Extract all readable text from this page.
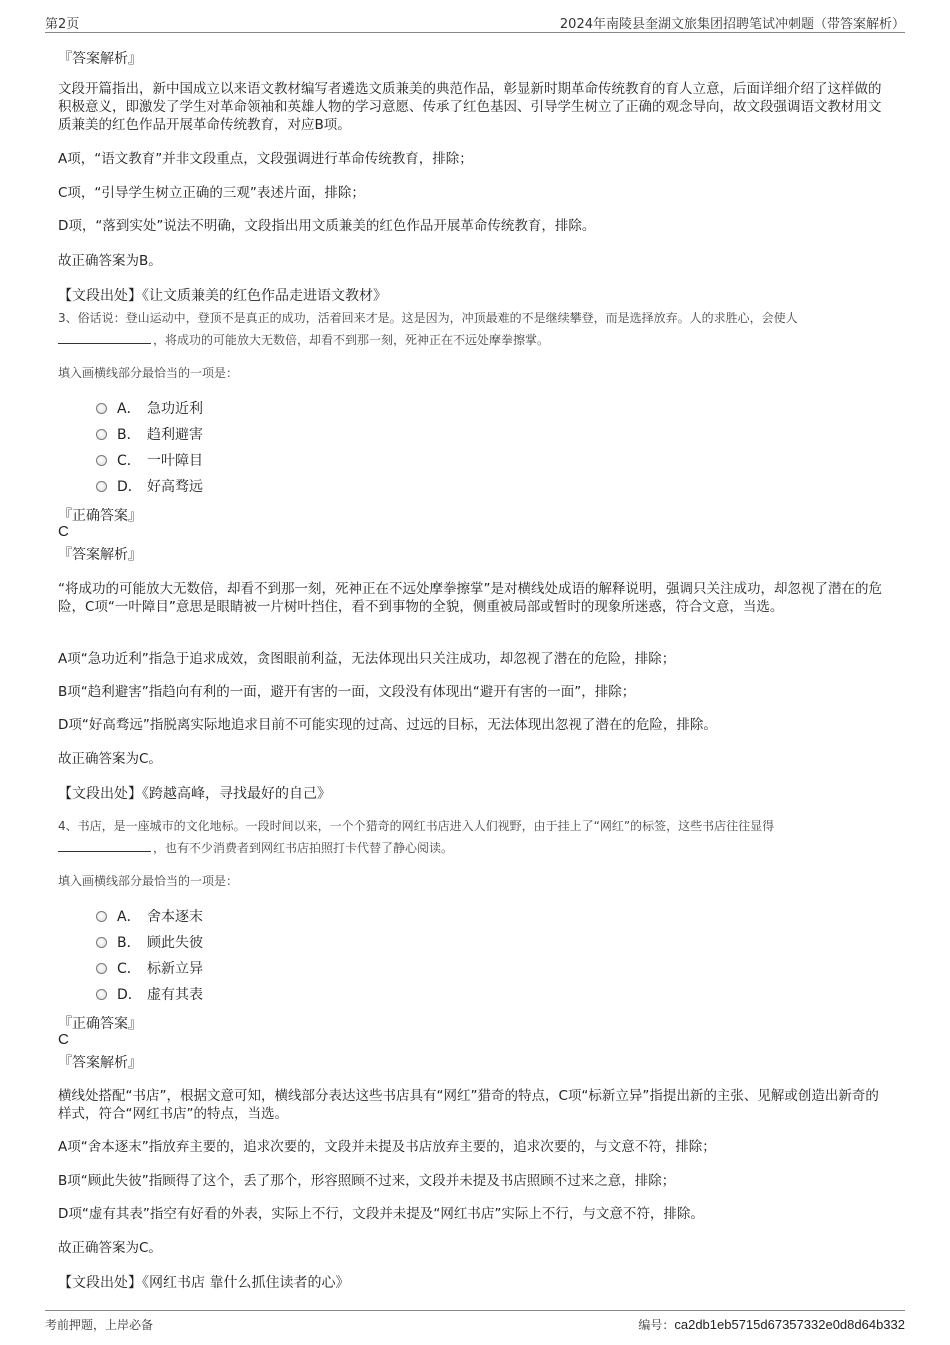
第2页	2024年南陵县奎湖文旅集团招聘笔试冲刺题（带答案解析）
『答案解析』
文段开篇指出，新中国成立以来语文教材编写者遴选文质兼美的典范作品，彰显新时期革命传统教育的育人立意，后面详细介绍了这样做的积极意义，即激发了学生对革命领袖和英雄人物的学习意愿、传承了红色基因、引导学生树立了正确的观念导向，故文段强调语文教材用文质兼美的红色作品开展革命传统教育，对应B项。
A项，“语文教育”并非文段重点，文段强调进行革命传统教育，排除；
C项，“引导学生树立正确的三观”表述片面，排除；
D项，“落到实处”说法不明确，文段指出用文质兼美的红色作品开展革命传统教育，排除。
故正确答案为B。
【文段出处】《让文质兼美的红色作品走进语文教材》
3、俗话说：登山运动中，登顶不是真正的成功，活着回来才是。这是因为，冲顶最难的不是继续攀登，而是选择放弃。人的求胜心，会使人
，将成功的可能放大无数倍，却看不到那一刻，死神正在不远处摩拳擦掌。
填入画横线部分最恰当的一项是：
A． 急功近利
B． 趋利避害
C． 一叶障目
D． 好高骛远
『正确答案』
C
『答案解析』
“将成功的可能放大无数倍，却看不到那一刻，死神正在不远处摩拳擦掌”是对横线处成语的解释说明，强调只关注成功，却忽视了潜在的危险，C项“一叶障目”意思是眼睛被一片树叶挡住，看不到事物的全貌，侧重被局部或暂时的现象所迷惑，符合文意，当选。
A项“急功近利”指急于追求成效，贪图眼前利益，无法体现出只关注成功，却忽视了潜在的危险，排除；
B项“趋利避害”指趋向有利的一面，避开有害的一面，文段没有体现出“避开有害的一面”，排除；
D项“好高骛远”指脱离实际地追求目前不可能实现的过高、过远的目标，无法体现出忽视了潜在的危险，排除。
故正确答案为C。
【文段出处】《跨越高峰，寻找最好的自己》
4、书店，是一座城市的文化地标。一段时间以来，一个个猎奇的网红书店进入人们视野，由于挂上了“网红”的标签，这些书店往往显得
，也有不少消费者到网红书店拍照打卡代替了静心阅读。
填入画横线部分最恰当的一项是：
A． 舍本逐末
B． 顾此失彼
C． 标新立异
D． 虚有其表
『正确答案』
C
『答案解析』
横线处搭配“书店”，根据文意可知，横线部分表达这些书店具有“网红”猎奇的特点，C项“标新立异”指提出新的主张、见解或创造出新奇的样式，符合“网红书店”的特点，当选。
A项“舍本逐末”指放弃主要的，追求次要的，文段并未提及书店放弃主要的，追求次要的，与文意不符，排除；
B项“顾此失彼”指顾得了这个，丢了那个，形容照顾不过来，文段并未提及书店照顾不过来之意，排除；
D项“虚有其表”指空有好看的外表，实际上不行，文段并未提及“网红书店”实际上不行，与文意不符，排除。
故正确答案为C。
【文段出处】《网红书店 靠什么抓住读者的心》
考前押题，上岸必备	编号：ca2db1eb5715d67357332e0d8d64b332
